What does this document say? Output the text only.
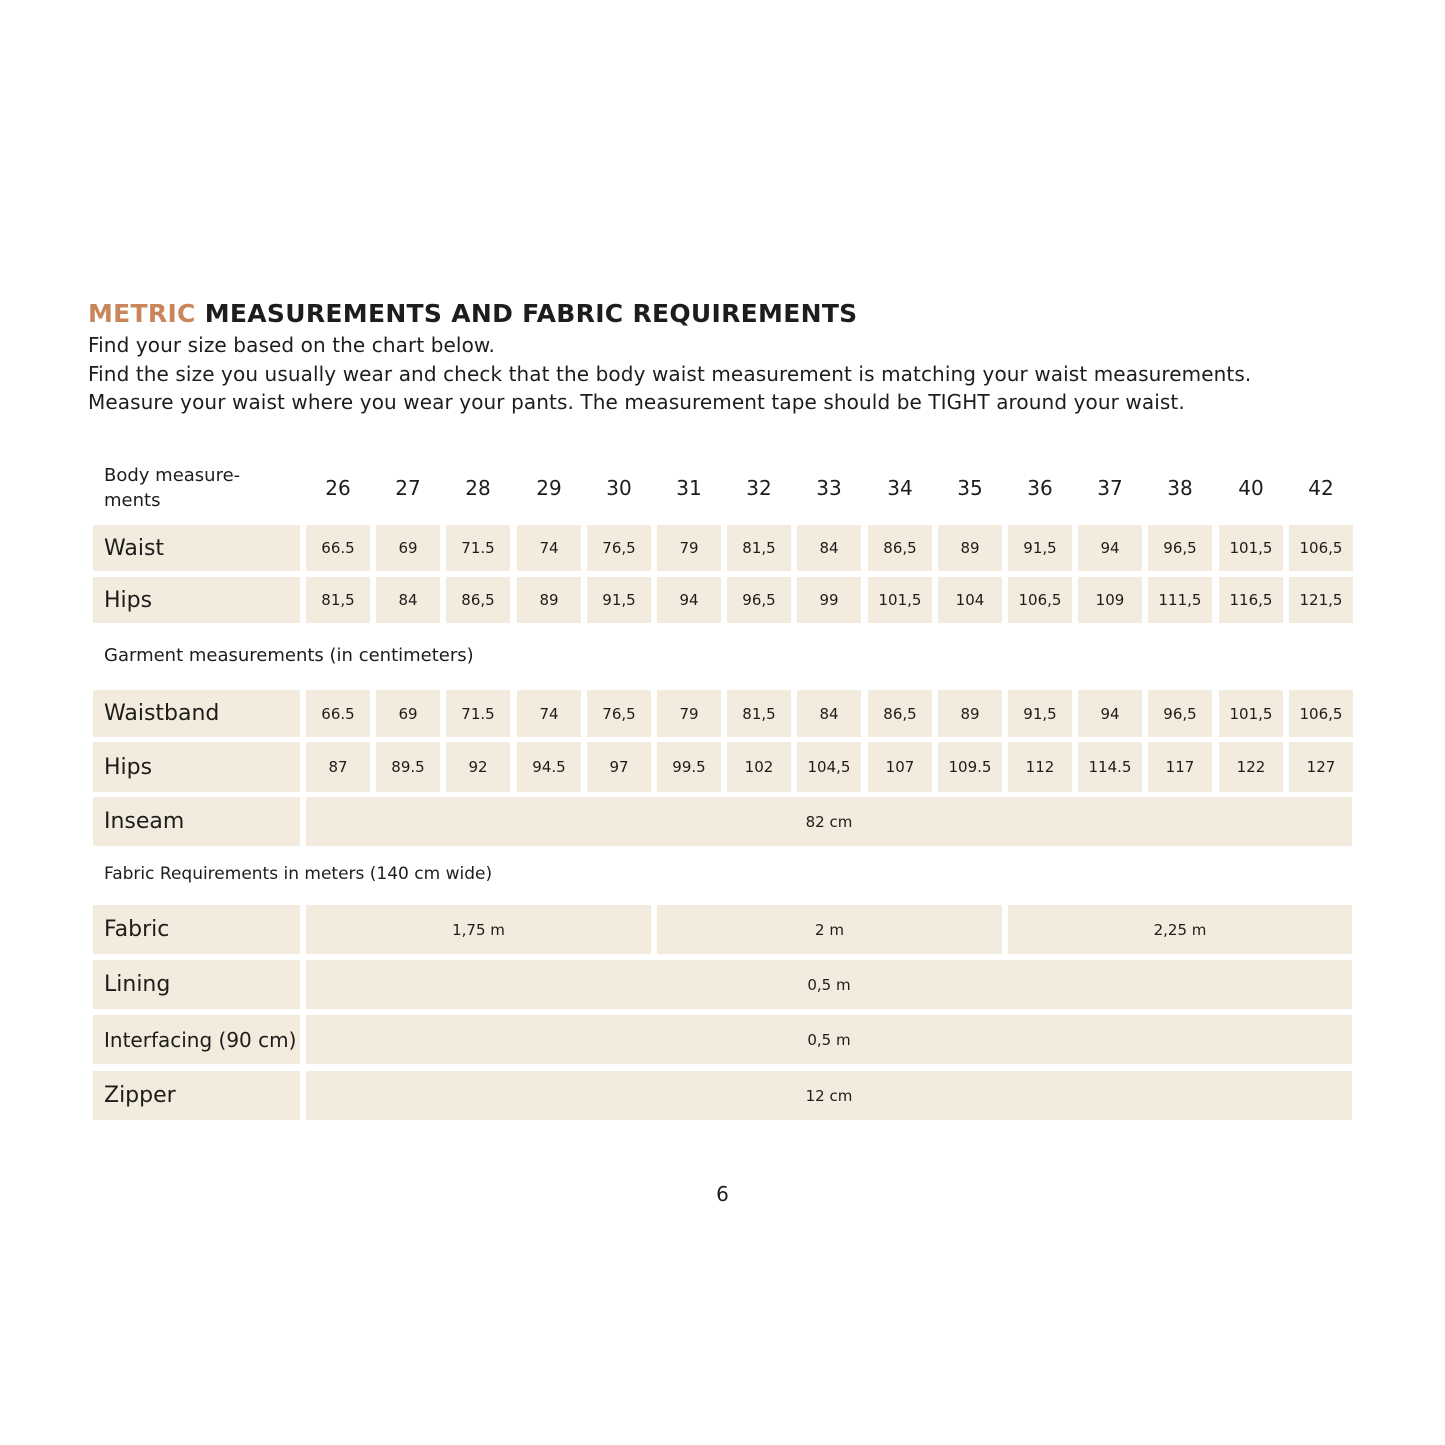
METRIC MEASUREMENTS AND FABRIC REQUIREMENTS
Find your size based on the chart below.
Find the size you usually wear and check that the body waist measurement is matching your waist measurements.
Measure your waist where you wear your pants. The measurement tape should be TIGHT around your waist.
Body measure-
ments
26	27	28	29	30	31	32	33	34	35	36	37	38	40	42
Waist	66.5	69	71.5	74	76,5	79	81,5	84	86,5	89	91,5	94	96,5	101,5	106,5
Hips	81,5	84	86,5	89	91,5	94	96,5	99	101,5	104	106,5	109	111,5	116,5	121,5
Waistband	66.5	69	71.5	74	76,5	79	81,5	84	86,5	89	91,5	94	96,5	101,5	106,5
Hips	87	89.5	92	94.5	97	99.5	102	104,5	107	109.5	112	114.5	117	122	127
Inseam	82 cm
Fabric	1,75 m	2 m	2,25 m
Lining	0,5 m
Interfacing (90 cm)	0,5 m
Zipper	12 cm
Garment measurements (in centimeters)
Fabric Requirements in meters (140 cm wide)
6
